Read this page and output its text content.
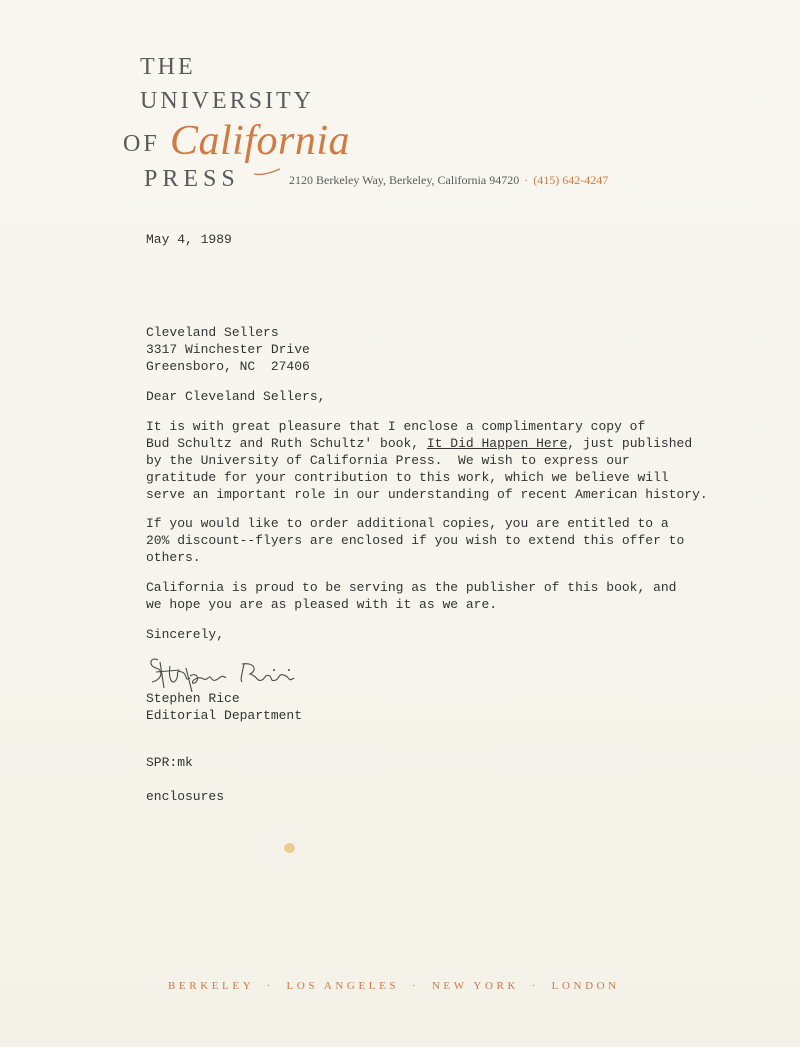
THE
UNIVERSITY
OF California
PRESS	2120 Berkeley Way, Berkeley, California 94720 · (415) 642-4247
May 4, 1989
Cleveland Sellers
3317 Winchester Drive
Greensboro, NC  27406
Dear Cleveland Sellers,
It is with great pleasure that I enclose a complimentary copy of
Bud Schultz and Ruth Schultz' book, It Did Happen Here, just published
by the University of California Press.  We wish to express our
gratitude for your contribution to this work, which we believe will
serve an important role in our understanding of recent American history.
If you would like to order additional copies, you are entitled to a
20% discount--flyers are enclosed if you wish to extend this offer to
others.
California is proud to be serving as the publisher of this book, and
we hope you are as pleased with it as we are.
Sincerely,
Stephen Rice
Editorial Department
SPR:mk
enclosures
BERKELEY  ·  LOS ANGELES  ·  NEW YORK  ·  LONDON
